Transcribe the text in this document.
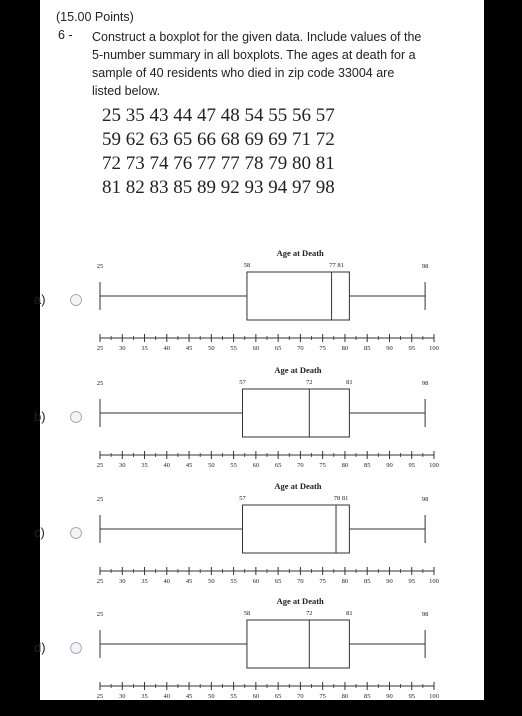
(15.00 Points)
6 - Construct a boxplot for the given data. Include values of the 5-number summary in all boxplots. The ages at death for a sample of 40 residents who died in zip code 33004 are listed below.
25 35 43 44 47 48 54 55 56 57
59 62 63 65 66 68 69 69 71 72
72 73 74 76 77 77 78 79 80 81
81 82 83 85 89 92 93 94 97 98
a)
Age at Death
25	58	77 81	98
25 30 35 40 45 50 55 60 65 70 75 80 85 90 95 100
b)
Age at Death
25	57	72	81	98
25 30 35 40 45 50 55 60 65 70 75 80 85 90 95 100
c)
Age at Death
25	57	78 81	98
25 30 35 40 45 50 55 60 65 70 75 80 85 90 95 100
d)
Age at Death
25	58	72	81	98
25 30 35 40 45 50 55 60 65 70 75 80 85 90 95 100
